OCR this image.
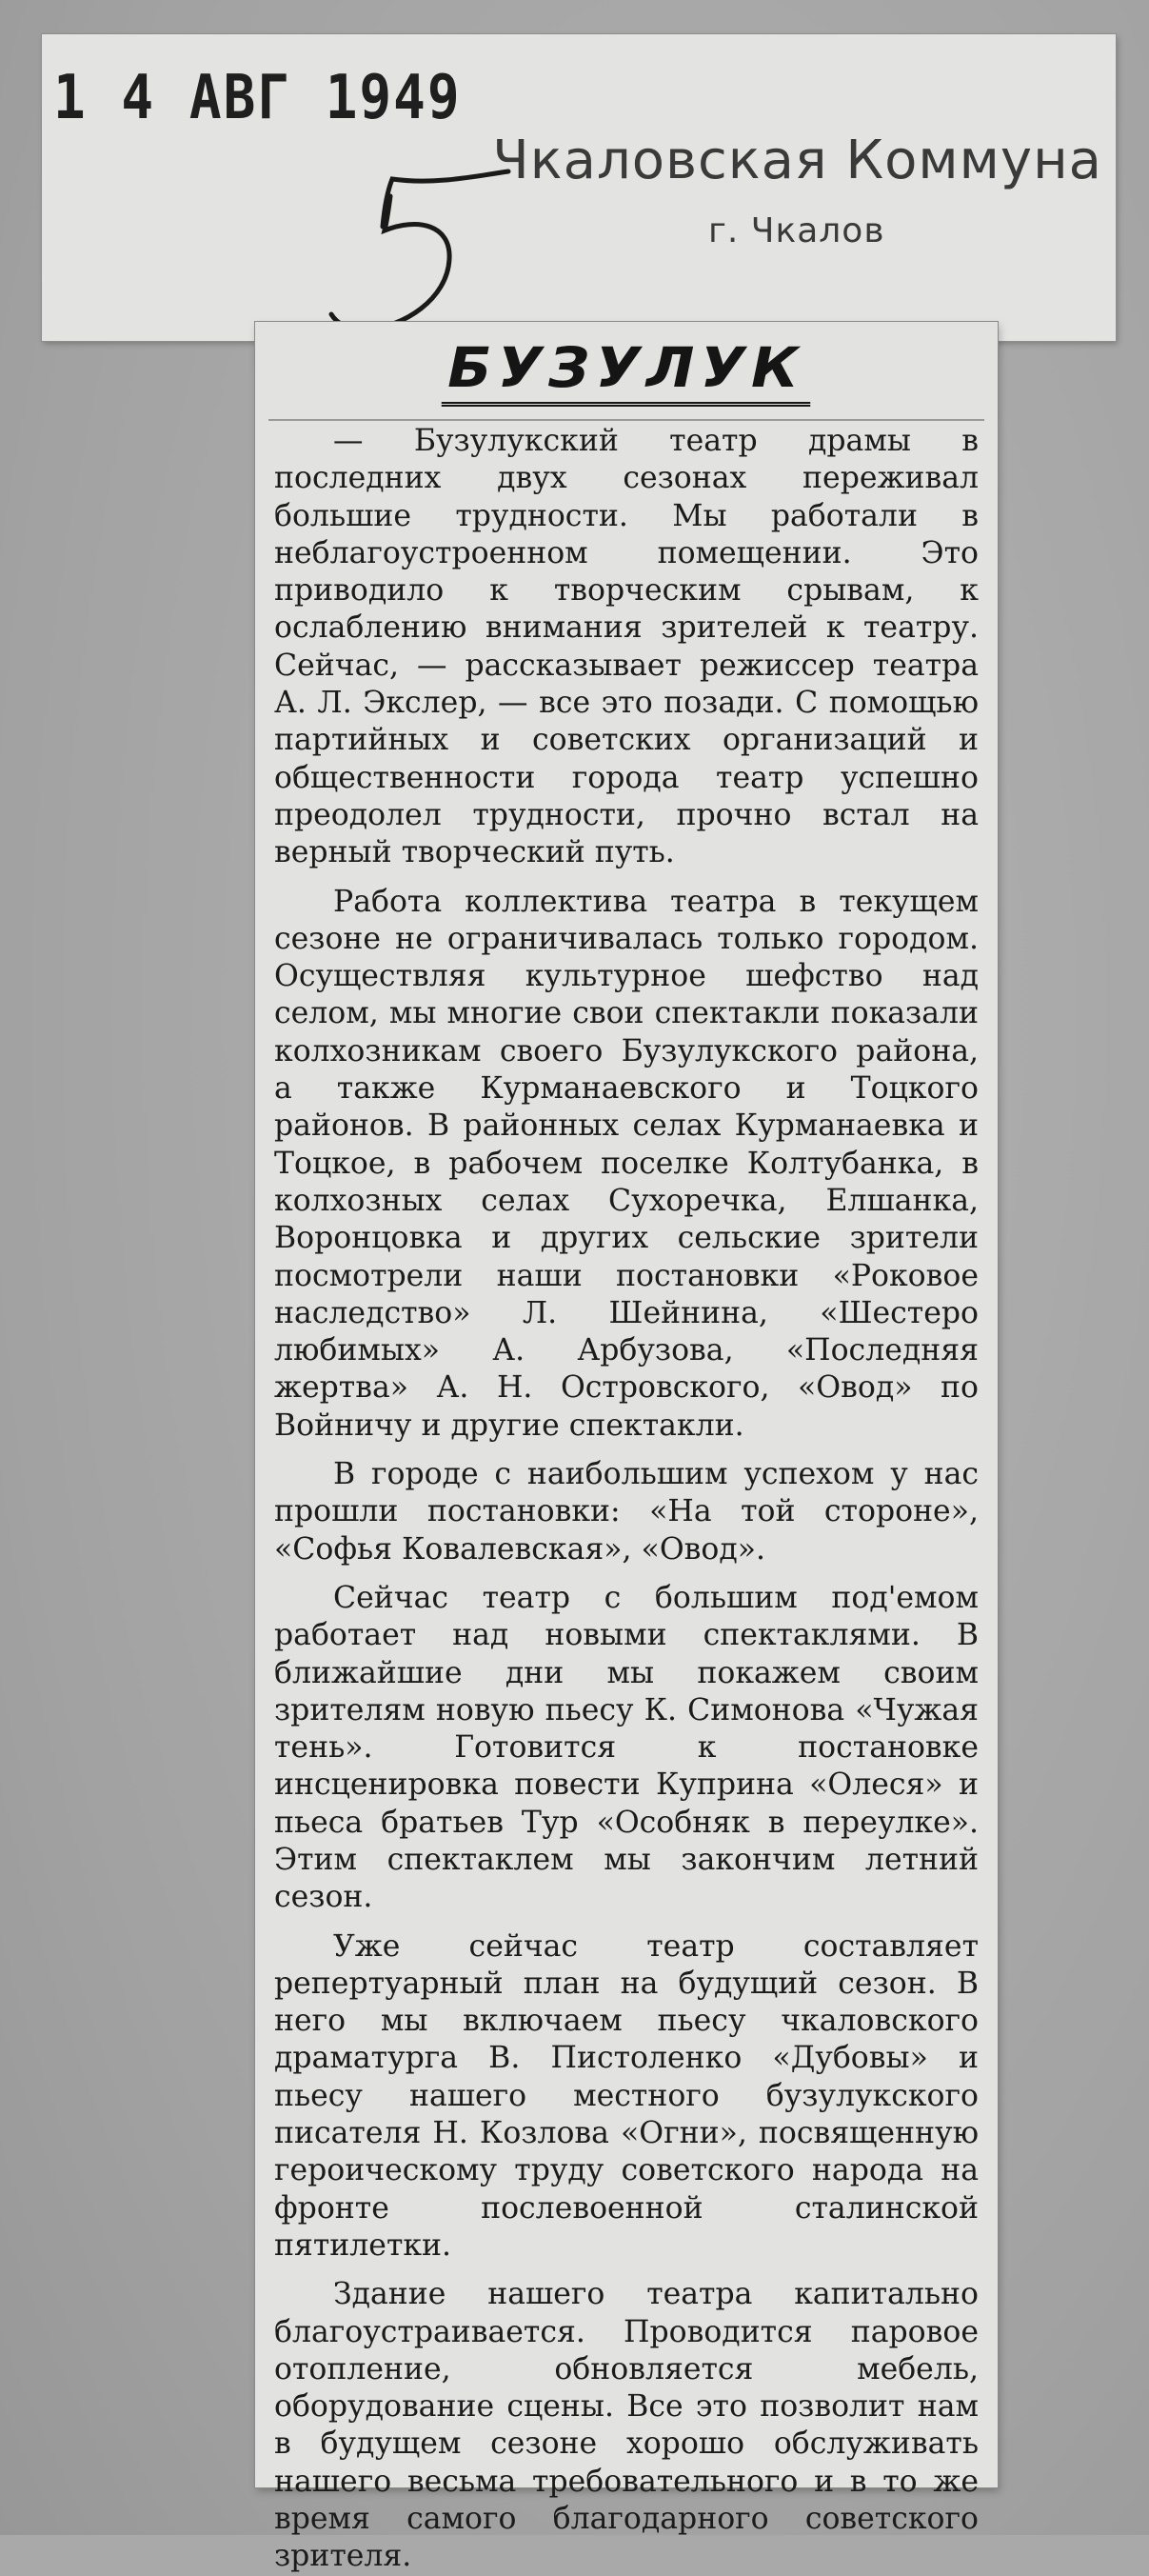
1 4 АВГ 1949
Чкаловская Коммуна
г. Чкалов
БУЗУЛУК

— Бузулукский театр драмы в последних двух сезонах переживал большие трудности. Мы работали в неблагоустроенном помещении. Это приводило к творческим срывам, к ослаблению внимания зрителей к театру. Сейчас, — рассказывает режиссер театра А. Л. Экслер, — все это позади. С помощью партийных и советских организаций и общественности города театр успешно преодолел трудности, прочно встал на верный творческий путь.

Работа коллектива театра в текущем сезоне не ограничивалась только городом. Осуществляя культурное шефство над селом, мы многие свои спектакли показали колхозникам своего Бузулукского района, а также Курманаевского и Тоцкого районов. В районных селах Курманаевка и Тоцкое, в рабочем поселке Колтубанка, в колхозных селах Сухоречка, Елшанка, Воронцовка и других сельские зрители посмотрели наши постановки «Роковое наследство» Л. Шейнина, «Шестеро любимых» А. Арбузова, «Последняя жертва» А. Н. Островского, «Овод» по Войничу и другие спектакли.

В городе с наибольшим успехом у нас прошли постановки: «На той стороне», «Софья Ковалевская», «Овод».

Сейчас театр с большим под'емом работает над новыми спектаклями. В ближайшие дни мы покажем своим зрителям новую пьесу К. Симонова «Чужая тень». Готовится к постановке инсценировка повести Куприна «Олеся» и пьеса братьев Тур «Особняк в переулке». Этим спектаклем мы закончим летний сезон.

Уже сейчас театр составляет репертуарный план на будущий сезон. В него мы включаем пьесу чкаловского драматурга В. Пистоленко «Дубовы» и пьесу нашего местного бузулукского писателя Н. Козлова «Огни», посвященную героическому труду советского народа на фронте послевоенной сталинской пятилетки.

Здание нашего театра капитально благоустраивается. Проводится паровое отопление, обновляется мебель, оборудование сцены. Все это позволит нам в будущем сезоне хорошо обслуживать нашего весьма требовательного и в то же время самого благодарного советского зрителя.
